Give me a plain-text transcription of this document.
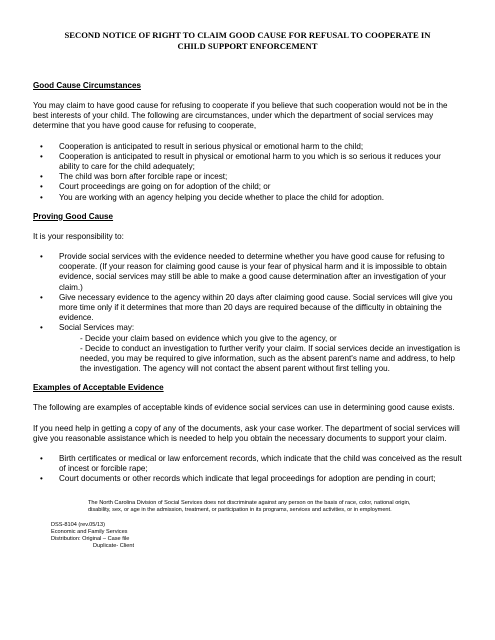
SECOND NOTICE OF RIGHT TO CLAIM GOOD CAUSE FOR REFUSAL TO COOPERATE IN
CHILD SUPPORT ENFORCEMENT
Good Cause Circumstances

You may claim to have good cause for refusing to cooperate if you believe that such cooperation would not be in the best interests of your child. The following are circumstances, under which the department of social services may determine that you have good cause for refusing to cooperate,

• Cooperation is anticipated to result in serious physical or emotional harm to the child;
• Cooperation is anticipated to result in physical or emotional harm to you which is so serious it reduces your ability to care for the child adequately;
• The child was born after forcible rape or incest;
• Court proceedings are going on for adoption of the child; or
• You are working with an agency helping you decide whether to place the child for adoption.
Proving Good Cause

It is your responsibility to:

• Provide social services with the evidence needed to determine whether you have good cause for refusing to cooperate. (If your reason for claiming good cause is your fear of physical harm and it is impossible to obtain evidence, social services may still be able to make a good cause determination after an investigation of your claim.)
• Give necessary evidence to the agency within 20 days after claiming good cause. Social services will give you more time only if it determines that more than 20 days are required because of the difficulty in obtaining the evidence.
• Social Services may:
- Decide your claim based on evidence which you give to the agency, or
- Decide to conduct an investigation to further verify your claim. If social services decide an investigation is needed, you may be required to give information, such as the absent parent's name and address, to help the investigation. The agency will not contact the absent parent without first telling you.
Examples of Acceptable Evidence

The following are examples of acceptable kinds of evidence social services can use in determining good cause exists.

If you need help in getting a copy of any of the documents, ask your case worker. The department of social services will give you reasonable assistance which is needed to help you obtain the necessary documents to support your claim.

• Birth certificates or medical or law enforcement records, which indicate that the child was conceived as the result of incest or forcible rape;
• Court documents or other records which indicate that legal proceedings for adoption are pending in court;

The North Carolina Division of Social Services does not discriminate against any person on the basis of race, color, national origin, disability, sex, or age in the admission, treatment, or participation in its programs, services and activities, or in employment.

DSS-8104 (rev.05/13)
Economic and Family Services
Distribution: Original – Case file
Duplicate- Client
